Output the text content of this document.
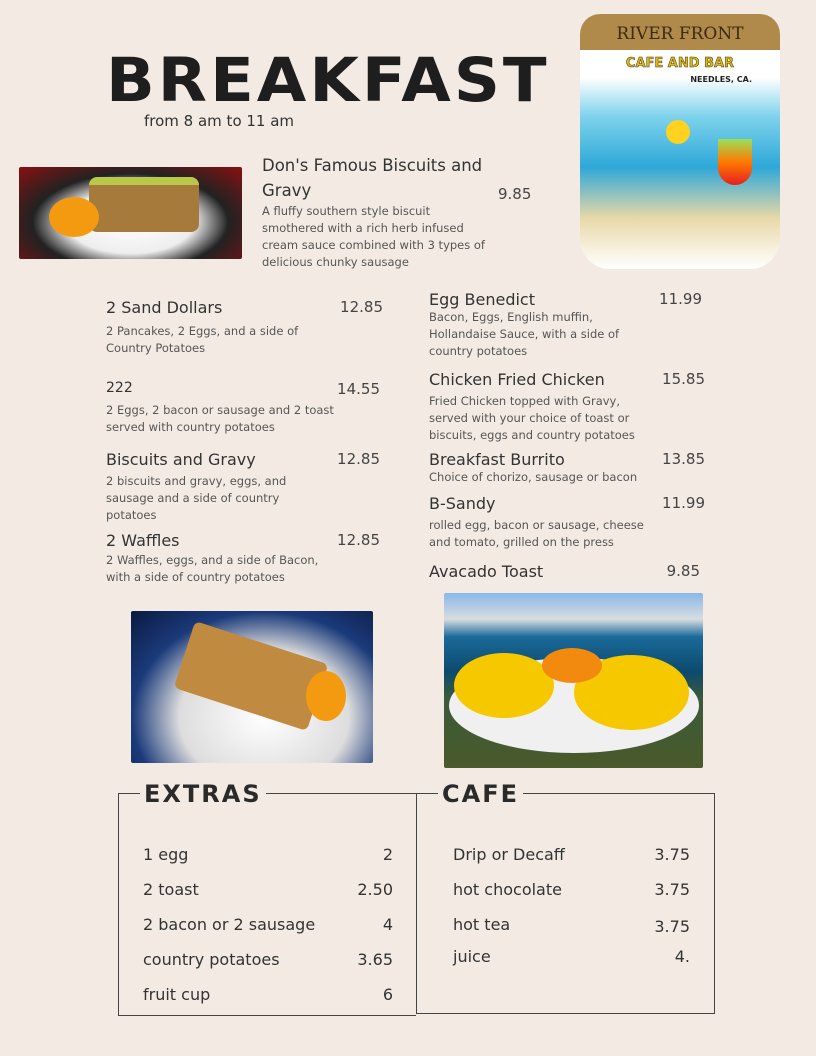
BREAKFAST
from 8 am to 11 am
RIVER FRONT
CAFE AND BAR
NEEDLES, CA.
Don's Famous Biscuits and Gravy
A fluffy southern style biscuit smothered with a rich herb infused cream sauce combined with 3 types of delicious chunky sausage
9.85
2 Sand Dollars	12.85
2 Pancakes, 2 Eggs, and a side of Country Potatoes
222	14.55
2 Eggs, 2 bacon or sausage and 2 toast served with country potatoes
Biscuits and Gravy	12.85
2 biscuits and gravy, eggs, and sausage and a side of country potatoes
2 Waffles	12.85
2 Waffles, eggs, and a side of Bacon, with a side of country potatoes
Egg Benedict	11.99
Bacon, Eggs, English muffin, Hollandaise Sauce, with a side of country potatoes
Chicken Fried Chicken	15.85
Fried Chicken topped with Gravy, served with your choice of toast or biscuits, eggs and country potatoes
Breakfast Burrito	13.85
Choice of chorizo, sausage or bacon
B-Sandy	11.99
rolled egg, bacon or sausage, cheese and tomato, grilled on the press
Avacado Toast	9.85
EXTRAS	CAFE
1 egg	2
2 toast	2.50
2 bacon or 2 sausage	4
country potatoes	3.65
fruit cup	6
Drip or Decaff	3.75
hot chocolate	3.75
hot tea	3.75
juice	4.
